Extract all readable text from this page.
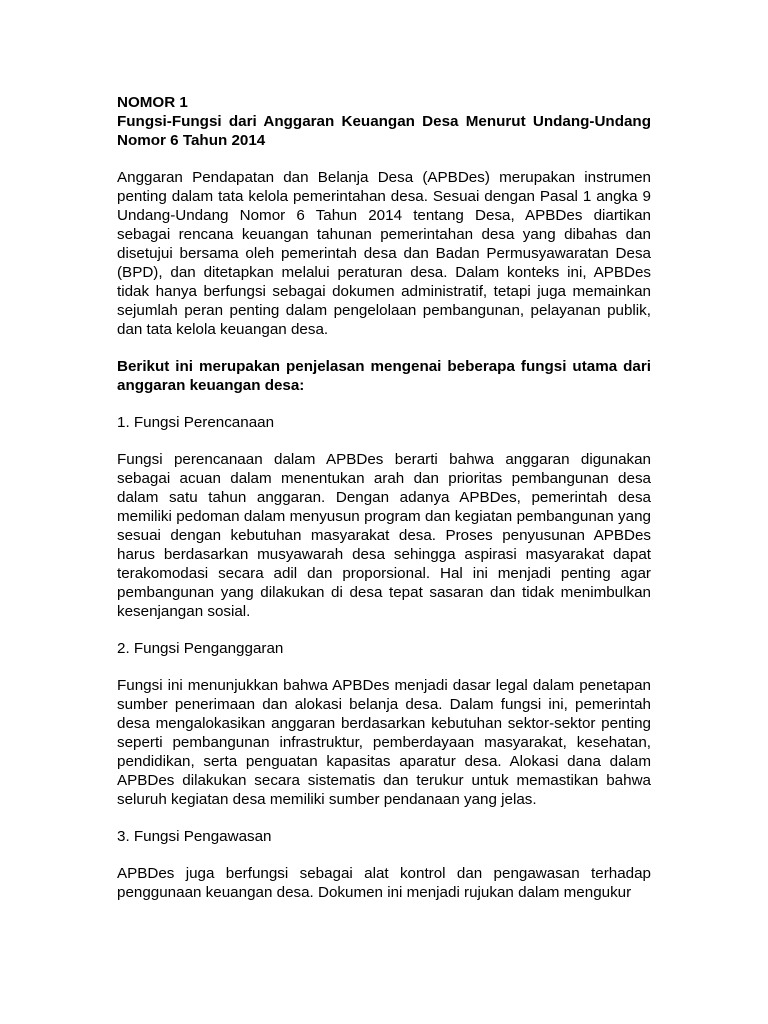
NOMOR 1

Fungsi-Fungsi dari Anggaran Keuangan Desa Menurut Undang-Undang Nomor 6 Tahun 2014

Anggaran Pendapatan dan Belanja Desa (APBDes) merupakan instrumen penting dalam tata kelola pemerintahan desa. Sesuai dengan Pasal 1 angka 9 Undang-Undang Nomor 6 Tahun 2014 tentang Desa, APBDes diartikan sebagai rencana keuangan tahunan pemerintahan desa yang dibahas dan disetujui bersama oleh pemerintah desa dan Badan Permusyawaratan Desa (BPD), dan ditetapkan melalui peraturan desa. Dalam konteks ini, APBDes tidak hanya berfungsi sebagai dokumen administratif, tetapi juga memainkan sejumlah peran penting dalam pengelolaan pembangunan, pelayanan publik, dan tata kelola keuangan desa.

Berikut ini merupakan penjelasan mengenai beberapa fungsi utama dari anggaran keuangan desa:

1. Fungsi Perencanaan

Fungsi perencanaan dalam APBDes berarti bahwa anggaran digunakan sebagai acuan dalam menentukan arah dan prioritas pembangunan desa dalam satu tahun anggaran. Dengan adanya APBDes, pemerintah desa memiliki pedoman dalam menyusun program dan kegiatan pembangunan yang sesuai dengan kebutuhan masyarakat desa. Proses penyusunan APBDes harus berdasarkan musyawarah desa sehingga aspirasi masyarakat dapat terakomodasi secara adil dan proporsional. Hal ini menjadi penting agar pembangunan yang dilakukan di desa tepat sasaran dan tidak menimbulkan kesenjangan sosial.

2. Fungsi Penganggaran

Fungsi ini menunjukkan bahwa APBDes menjadi dasar legal dalam penetapan sumber penerimaan dan alokasi belanja desa. Dalam fungsi ini, pemerintah desa mengalokasikan anggaran berdasarkan kebutuhan sektor-sektor penting seperti pembangunan infrastruktur, pemberdayaan masyarakat, kesehatan, pendidikan, serta penguatan kapasitas aparatur desa. Alokasi dana dalam APBDes dilakukan secara sistematis dan terukur untuk memastikan bahwa seluruh kegiatan desa memiliki sumber pendanaan yang jelas.

3. Fungsi Pengawasan

APBDes juga berfungsi sebagai alat kontrol dan pengawasan terhadap penggunaan keuangan desa. Dokumen ini menjadi rujukan dalam mengukur
